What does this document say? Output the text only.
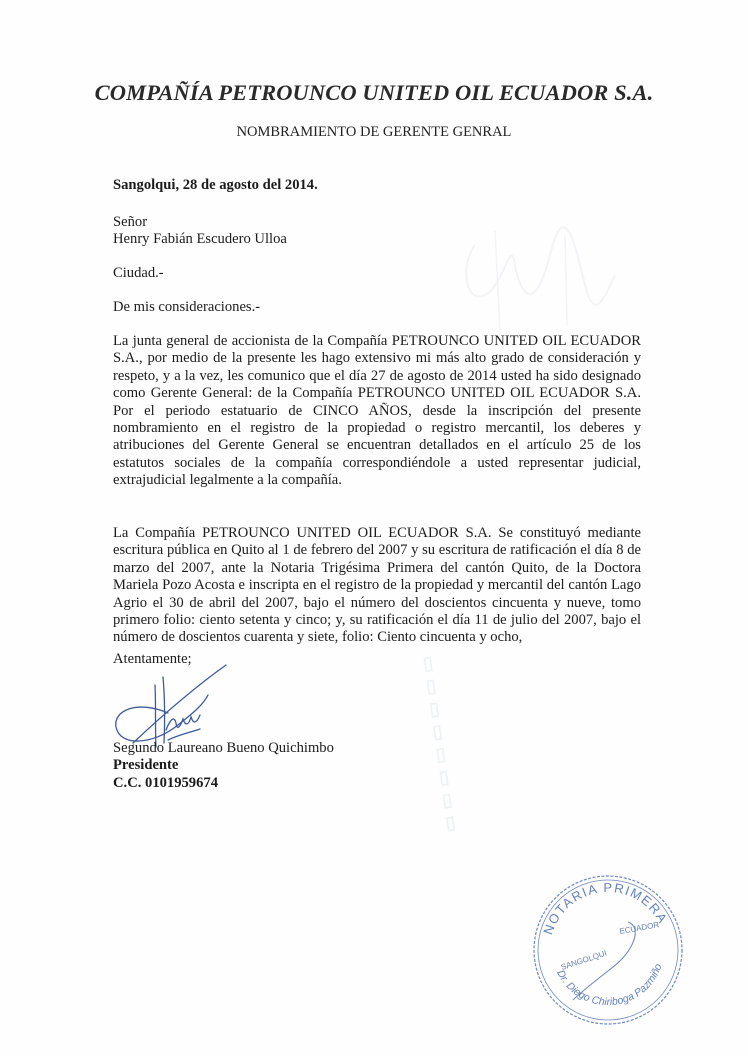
▯▯▯▯▯▯▯▯
COMPAÑÍA PETROUNCO UNITED OIL ECUADOR S.A.
NOMBRAMIENTO DE GERENTE GENRAL
Sangolqui, 28 de agosto del 2014.
Señor
Henry Fabián Escudero Ulloa
Ciudad.-
De mis consideraciones.-
La junta general de accionista de la Compañía PETROUNCO UNITED OIL ECUADOR S.A., por medio de la presente les hago extensivo mi más alto grado de consideración y respeto, y a la vez, les comunico que el día 27 de agosto de 2014 usted ha sido designado como Gerente General: de la Compañía PETROUNCO UNITED OIL ECUADOR S.A. Por el periodo estatuario de CINCO AÑOS, desde la inscripción del presente nombramiento en el registro de la propiedad o registro mercantil, los deberes y atribuciones del Gerente General se encuentran detallados en el artículo 25 de los estatutos sociales de la compañía correspondiéndole a usted representar judicial, extrajudicial legalmente a la compañía.
La Compañía PETROUNCO UNITED OIL ECUADOR S.A. Se constituyó mediante escritura pública en Quito al 1 de febrero del 2007 y su escritura de ratificación el día 8 de marzo del 2007, ante la Notaria Trigésima Primera del cantón Quito, de la Doctora Mariela Pozo Acosta e inscripta en el registro de la propiedad y mercantil del cantón Lago Agrio el 30 de abril del 2007, bajo el número del doscientos cincuenta y nueve, tomo primero folio: ciento setenta y cinco; y, su ratificación el día 11 de julio del 2007, bajo el número de doscientos cuarenta y siete, folio: Ciento cincuenta y ocho,
Atentamente;
Segundo Laureano Bueno Quichimbo
Presidente
C.C. 0101959674
NOTARIA PRIMERA
SANGOLQUI
ECUADOR
Dr. Diego Chiriboga Pazmiño
